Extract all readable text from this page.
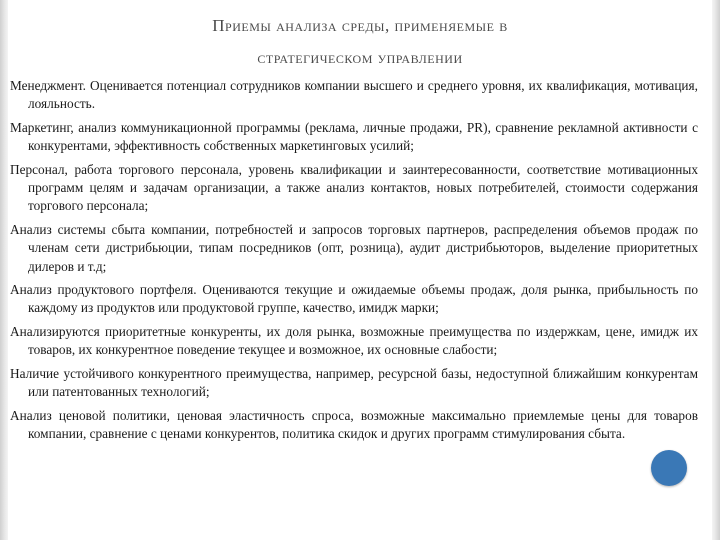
Приемы анализа среды, применяемые в
стратегическом управлении

Менеджмент. Оценивается потенциал сотрудников компании высшего и среднего уровня, их квалификация, мотивация, лояльность.

Маркетинг, анализ коммуникационной программы (реклама, личные продажи, PR), сравнение рекламной активности с конкурентами, эффективность собственных маркетинговых усилий;

Персонал, работа торгового персонала, уровень квалификации и заинтересованности, соответствие мотивационных программ целям и задачам организации, а также анализ контактов, новых потребителей, стоимости содержания торгового персонала;

Анализ системы сбыта компании, потребностей и запросов торговых партнеров, распределения объемов продаж по членам сети дистрибьюции, типам посредников (опт, розница), аудит дистрибьюторов, выделение приоритетных дилеров и т.д;

Анализ продуктового портфеля. Оцениваются текущие и ожидаемые объемы продаж, доля рынка, прибыльность по каждому из продуктов или продуктовой группе, качество, имидж марки;

Анализируются приоритетные конкуренты, их доля рынка, возможные преимущества по издержкам, цене, имидж их товаров, их конкурентное поведение текущее и возможное, их основные слабости;

Наличие устойчивого конкурентного преимущества, например, ресурсной базы, недоступной ближайшим конкурентам или патентованных технологий;

Анализ ценовой политики, ценовая эластичность спроса, возможные максимально приемлемые цены для товаров компании, сравнение с ценами конкурентов, политика скидок и других программ стимулирования сбыта.
